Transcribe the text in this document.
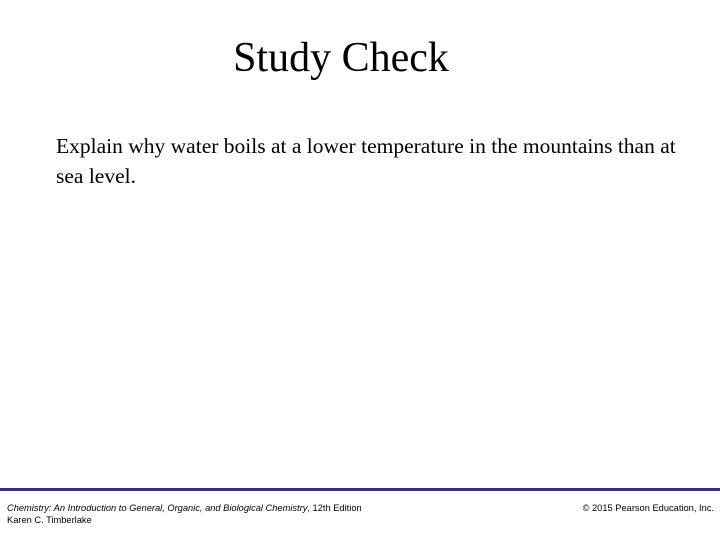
Study Check

Explain why water boils at a lower temperature in the mountains than at sea level.

Chemistry: An Introduction to General, Organic, and Biological Chemistry, 12th Edition
Karen C. Timberlake
© 2015 Pearson Education, Inc.
